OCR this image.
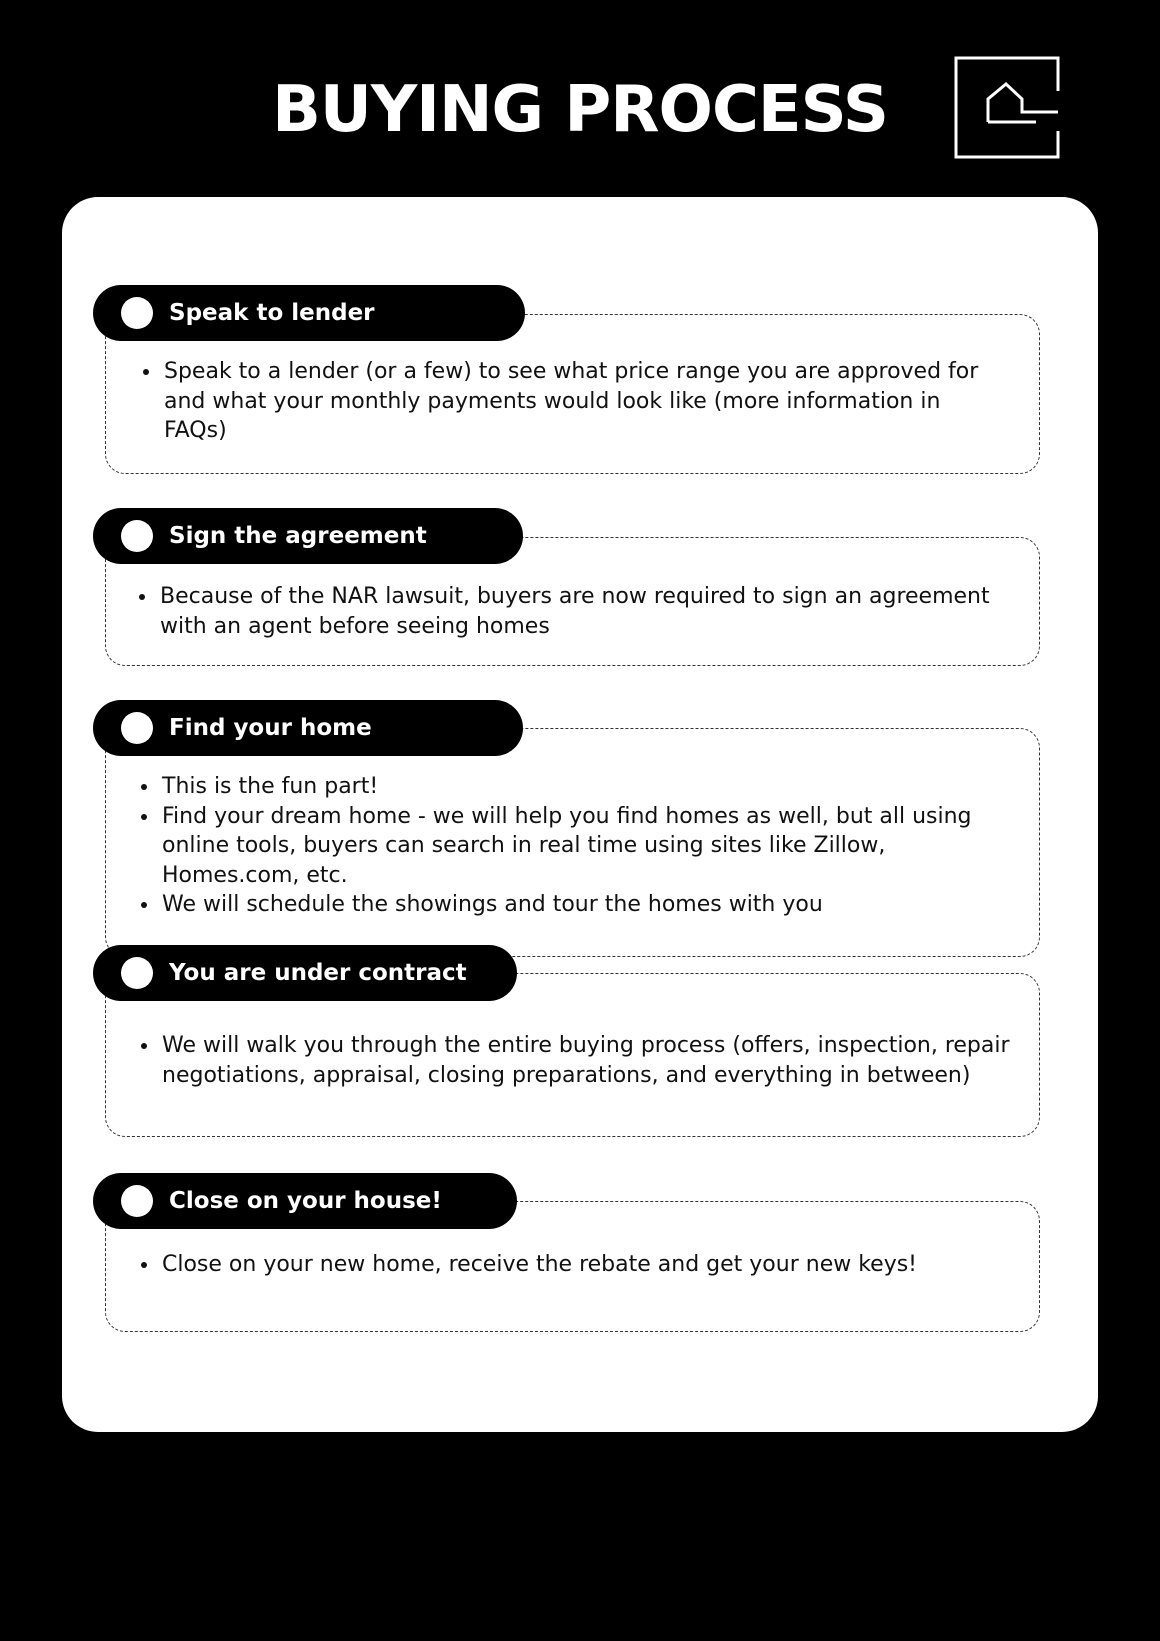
BUYING PROCESS
• Speak to a lender (or a few) to see what price range you are approved for and what your monthly payments would look like (more information in FAQs)
Speak to lender
• Because of the NAR lawsuit, buyers are now required to sign an agreement with an agent before seeing homes
Sign the agreement
• This is the fun part!
• Find your dream home - we will help you find homes as well, but all using online tools, buyers can search in real time using sites like Zillow, Homes.com, etc.
• We will schedule the showings and tour the homes with you
Find your home
• We will walk you through the entire buying process (offers, inspection, repair negotiations, appraisal, closing preparations, and everything in between)
You are under contract
• Close on your new home, receive the rebate and get your new keys!
Close on your house!
